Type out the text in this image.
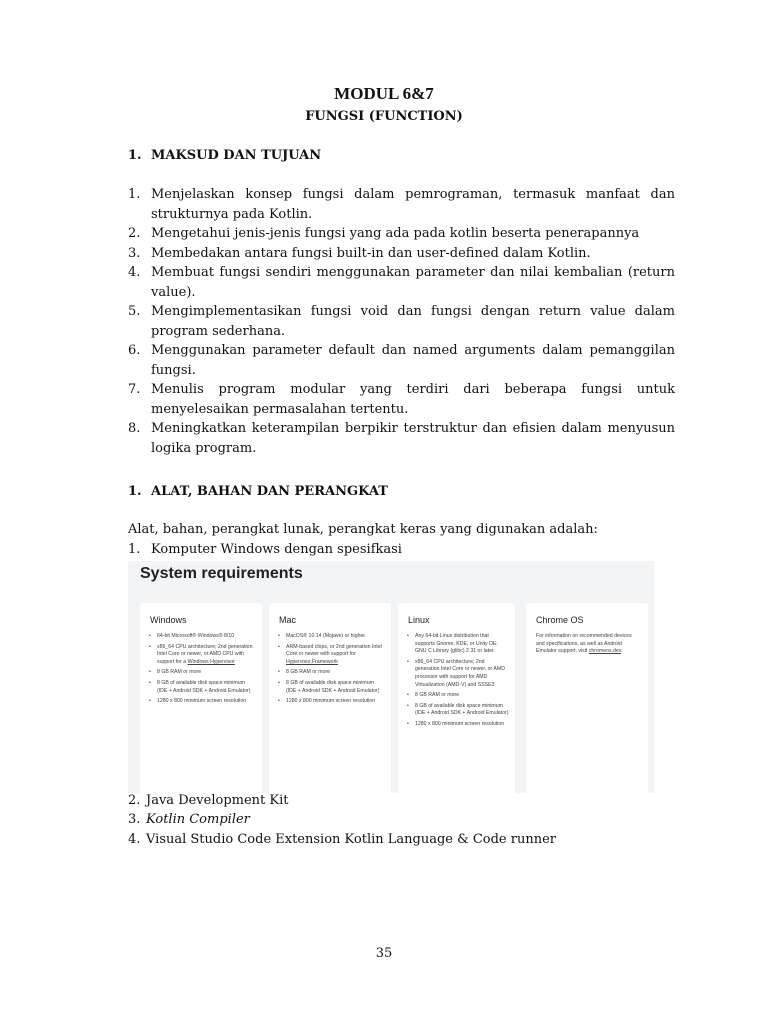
MODUL 6&7
FUNGSI (FUNCTION)

1. MAKSUD DAN TUJUAN

1. Menjelaskan konsep fungsi dalam pemrograman, termasuk manfaat dan strukturnya pada Kotlin.
2. Mengetahui jenis-jenis fungsi yang ada pada kotlin beserta penerapannya
3. Membedakan antara fungsi built-in dan user-defined dalam Kotlin.
4. Membuat fungsi sendiri menggunakan parameter dan nilai kembalian (return value).
5. Mengimplementasikan fungsi void dan fungsi dengan return value dalam program sederhana.
6. Menggunakan parameter default dan named arguments dalam pemanggilan fungsi.
7. Menulis program modular yang terdiri dari beberapa fungsi untuk menyelesaikan permasalahan tertentu.
8. Meningkatkan keterampilan berpikir terstruktur dan efisien dalam menyusun logika program.

1. ALAT, BAHAN DAN PERANGKAT

Alat, bahan, perangkat lunak, perangkat keras yang digunakan adalah:

1. Komputer Windows dengan spesifkasi

System requirements

Windows

• 64-bit Microsoft® Windows® 8/10
• x86_64 CPU architecture; 2nd generation Intel Core or newer, or AMD CPU with support for a Windows Hypervisor
• 8 GB RAM or more
• 8 GB of available disk space minimum (IDE + Android SDK + Android Emulator)
• 1280 x 800 minimum screen resolution

Mac

• MacOS® 10.14 (Mojave) or higher
• ARM-based chips, or 2nd generation Intel Core or newer with support for Hypervisor.Framework
• 8 GB RAM or more
• 8 GB of available disk space minimum (IDE + Android SDK + Android Emulator)
• 1280 x 800 minimum screen resolution

Linux

• Any 64-bit Linux distribution that supports Gnome, KDE, or Unity DE; GNU C Library (glibc) 2.31 or later.
• x86_64 CPU architecture; 2nd generation Intel Core or newer, or AMD processor with support for AMD Virtualization (AMD-V) and SSSE3
• 8 GB RAM or more
• 8 GB of available disk space minimum (IDE + Android SDK + Android Emulator)
• 1280 x 800 minimum screen resolution

Chrome OS

For information on recommended devices and specifications, as well as Android Emulator support, visit chromeos.dev.

2. Java Development Kit

3. Kotlin Compiler

4. Visual Studio Code Extension Kotlin Language & Code runner

35
